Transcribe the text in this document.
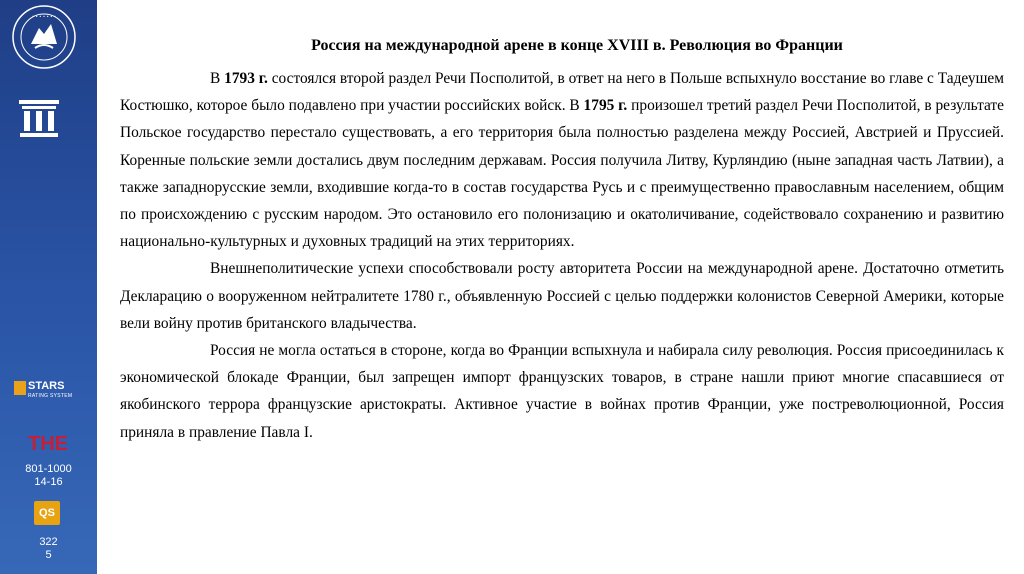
• • • • • • •
STARS
RATING SYSTEM
THE
801-1000
14-16
QS
322
5
Россия на международной арене в конце XVIII в. Революция во Франции

В 1793 г. состоялся второй раздел Речи Посполитой, в ответ на него в Польше вспыхнуло восстание во главе с Тадеушем Костюшко, которое было подавлено при участии российских войск. В 1795 г. произошел третий раздел Речи Посполитой, в результате Польское государство перестало существовать, а его территория была полностью разделена между Россией, Австрией и Пруссией. Коренные польские земли достались двум последним державам. Россия получила Литву, Курляндию (ныне западная часть Латвии), а также западнорусские земли, входившие когда-то в состав государства Русь и с преимущественно православным населением, общим по происхождению с русским народом. Это остановило его полонизацию и окатоличивание, содействовало сохранению и развитию национально-культурных и духовных традиций на этих территориях.

Внешнеполитические успехи способствовали росту авторитета России на международной арене. Достаточно отметить Декларацию о вооруженном нейтралитете 1780 г., объявленную Россией с целью поддержки колонистов Северной Америки, которые вели войну против британского владычества.

Россия не могла остаться в стороне, когда во Франции вспыхнула и набирала силу революция. Россия присоединилась к экономической блокаде Франции, был запрещен импорт французских товаров, в стране нашли приют многие спасавшиеся от якобинского террора французские аристократы. Активное участие в войнах против Франции, уже постреволюционной, Россия приняла в правление Павла I.
